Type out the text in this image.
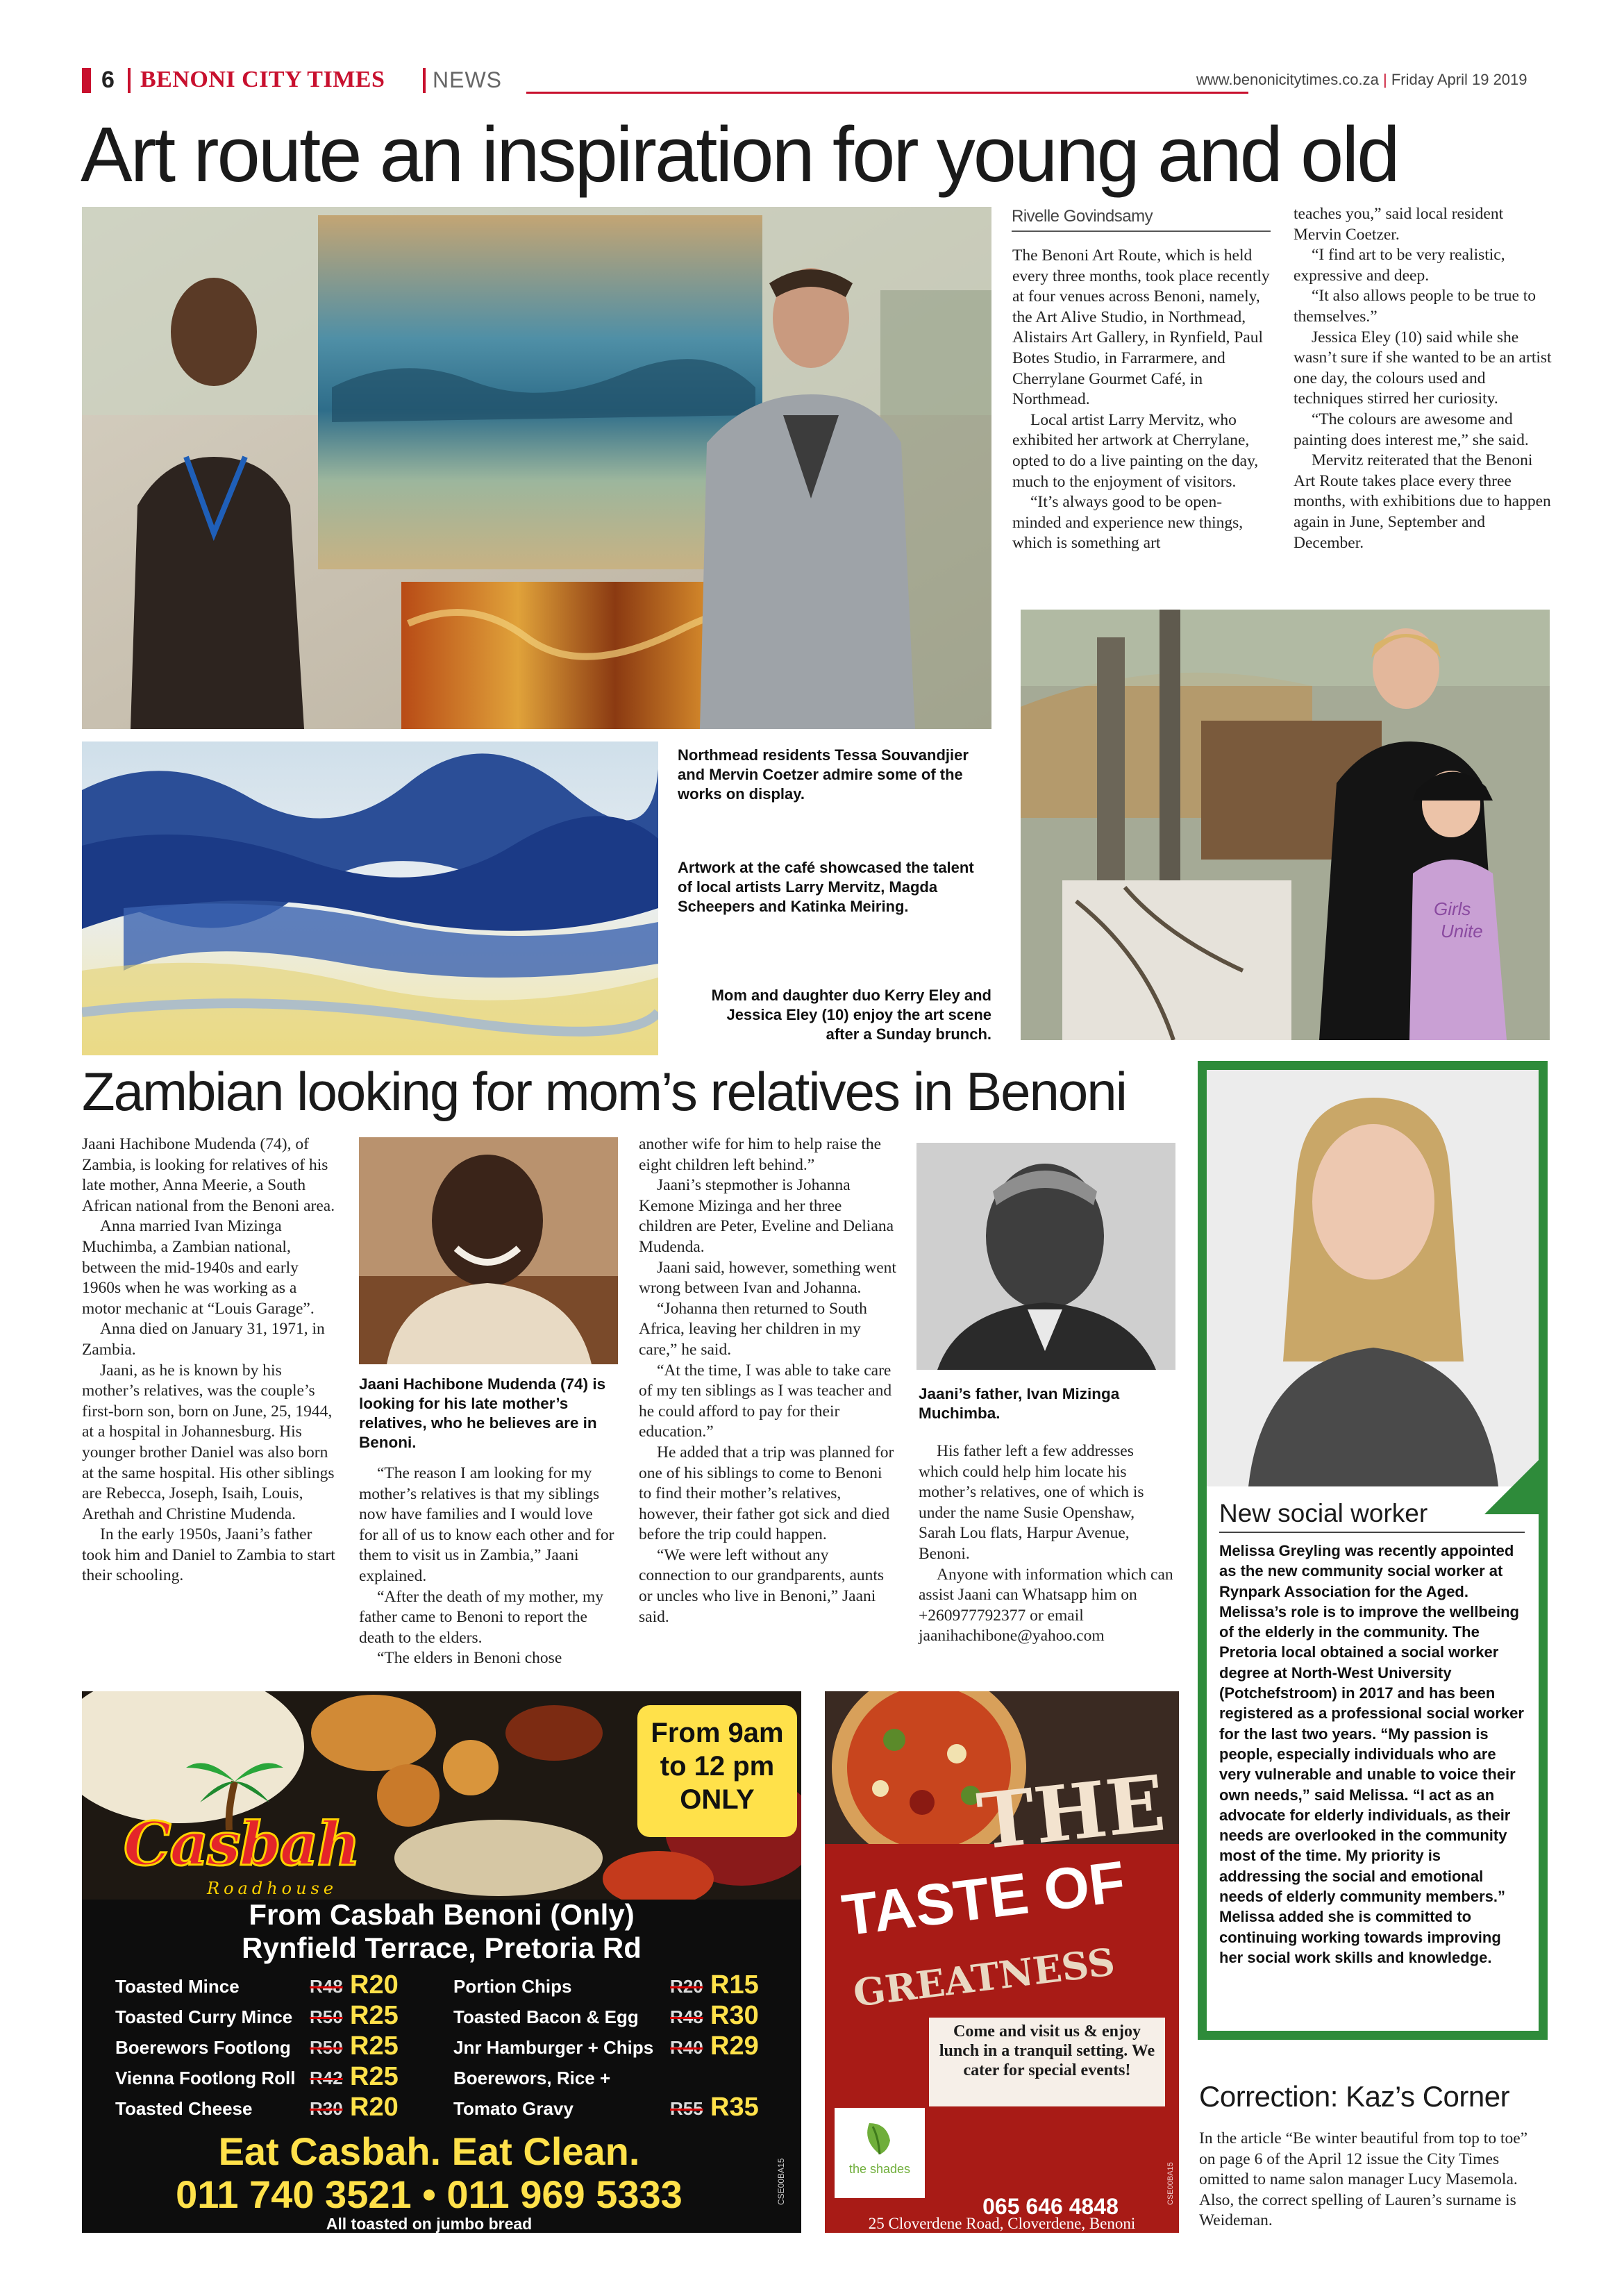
6 BENONI CITY TIMES NEWS	www.benonicitytimes.co.za | Friday April 19 2019
Art route an inspiration for young and old
Rivelle Govindsamy

The Benoni Art Route, which is held every three months, took place recently at four venues across Benoni, namely, the Art Alive Studio, in Northmead, Alistairs Art Gallery, in Rynfield, Paul Botes Studio, in Farrarmere, and Cherrylane Gourmet Café, in Northmead.

Local artist Larry Mervitz, who exhibited her artwork at Cherrylane, opted to do a live painting on the day, much to the enjoyment of visitors.

“It’s always good to be open-minded and experience new things, which is something art

teaches you,” said local resident Mervin Coetzer.

“I find art to be very realistic, expressive and deep.

“It also allows people to be true to themselves.”

Jessica Eley (10) said while she wasn’t sure if she wanted to be an artist one day, the colours used and techniques stirred her curiosity.

“The colours are awesome and painting does interest me,” she said.

Mervitz reiterated that the Benoni Art Route takes place every three months, with exhibitions due to happen again in June, September and December.

Girls
Unite
Northmead residents Tessa Souvandjier and Mervin Coetzer admire some of the works on display.
Artwork at the café showcased the talent of local artists Larry Mervitz, Magda Scheepers and Katinka Meiring.
Mom and daughter duo Kerry Eley and Jessica Eley (10) enjoy the art scene after a Sunday brunch.
Zambian looking for mom’s relatives in Benoni

Jaani Hachibone Mudenda (74), of Zambia, is looking for relatives of his late mother, Anna Meerie, a South African national from the Benoni area.

Anna married Ivan Mizinga Muchimba, a Zambian national, between the mid-1940s and early 1960s when he was working as a motor mechanic at “Louis Garage”.

Anna died on January 31, 1971, in Zambia.

Jaani, as he is known by his mother’s relatives, was the couple’s first-born son, born on June, 25, 1944, at a hospital in Johannesburg. His younger brother Daniel was also born at the same hospital. His other siblings are Rebecca, Joseph, Isaih, Louis, Arethah and Christine Mudenda.

In the early 1950s, Jaani’s father took him and Daniel to Zambia to start their schooling.

Jaani Hachibone Mudenda (74) is looking for his late mother’s relatives, who he believes are in Benoni.

“The reason I am looking for my mother’s relatives is that my siblings now have families and I would love for all of us to know each other and for them to visit us in Zambia,” Jaani explained.

“After the death of my mother, my father came to Benoni to report the death to the elders.

“The elders in Benoni chose

another wife for him to help raise the eight children left behind.”

Jaani’s stepmother is Johanna Kemone Mizinga and her three children are Peter, Eveline and Deliana Mudenda.

Jaani said, however, something went wrong between Ivan and Johanna.

“Johanna then returned to South Africa, leaving her children in my care,” he said.

“At the time, I was able to take care of my ten siblings as I was teacher and he could afford to pay for their education.”

He added that a trip was planned for one of his siblings to come to Benoni to find their mother’s relatives, however, their father got sick and died before the trip could happen.

“We were left without any connection to our grandparents, aunts or uncles who live in Benoni,” Jaani said.

Jaani’s father, Ivan Mizinga Muchimba.

His father left a few addresses which could help him locate his mother’s relatives, one of which is under the name Susie Openshaw, Sarah Lou flats, Harpur Avenue, Benoni.

Anyone with information which can assist Jaani can Whatsapp him on +260977792377 or email jaanihachibone@yahoo.com

New social worker
Melissa Greyling was recently appointed as the new community social worker at Rynpark Association for the Aged. Melissa’s role is to improve the wellbeing of the elderly in the community. The Pretoria local obtained a social worker degree at North-West University (Potchefstroom) in 2017 and has been registered as a professional social worker for the last two years. “My passion is people, especially individuals who are very vulnerable and unable to voice their own needs,” said Melissa. “I act as an advocate for elderly individuals, as their needs are overlooked in the community most of the time. My priority is addressing the social and emotional needs of elderly community members.” Melissa added she is committed to continuing working towards improving her social work skills and knowledge.
Correction: Kaz’s Corner
In the article “Be winter beautiful from top to toe” on page 6 of the April 12 issue the City Times omitted to name salon manager Lucy Masemola. Also, the correct spelling of Lauren’s surname is Weideman.
Casbah
Roadhouse
From 9am to 12 pm ONLY
From Casbah Benoni (Only)
Rynfield Terrace, Pretoria Rd
Toasted Mince	R48 R20
Toasted Curry Mince R50 R25
Boerewors Footlong R50 R25
Vienna Footlong Roll R42 R25
Toasted Cheese	R30 R20
Portion Chips	R20 R15
Toasted Bacon & Egg R48 R30
Jnr Hamburger + Chips R40 R29
Boerewors, Rice +
Tomato Gravy	R55 R35
Eat Casbah. Eat Clean.
011 740 3521 • 011 969 5333
All toasted on jumbo bread
CSE00BA15
THE
TASTE OF
GREATNESS
Come and visit us & enjoy lunch in a tranquil setting. We cater for special events!
the shades
065 646 4848
25 Cloverdene Road, Cloverdene, Benoni
CSE00BA15
